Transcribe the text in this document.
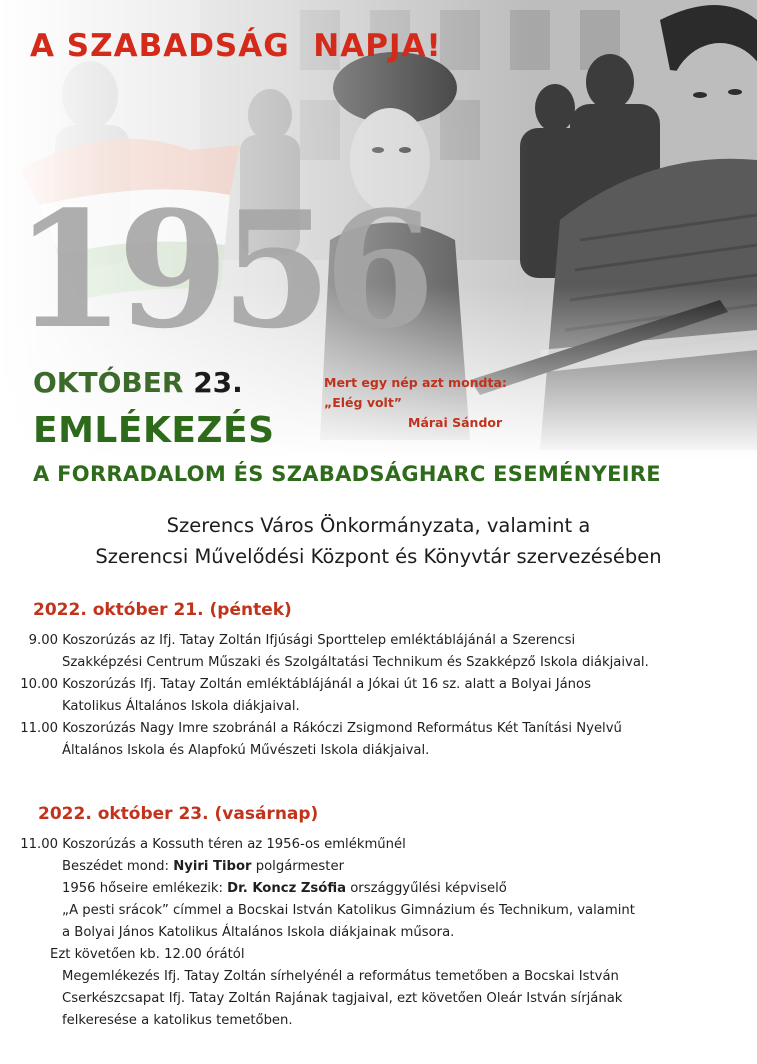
A SZABADSÁG  NAPJA!
1956
OKTÓBER 23.
EMLÉKEZÉS
A FORRADALOM ÉS SZABADSÁGHARC ESEMÉNYEIRE
Mert egy nép azt mondta:
„Elég volt”
Márai Sándor
Szerencs Város Önkormányzata, valamint a
Szerencsi Művelődési Központ és Könyvtár szervezésében
2022. október 21. (péntek)
9.00 Koszorúzás az Ifj. Tatay Zoltán Ifjúsági Sporttelep emléktáblájánál a Szerencsi
Szakképzési Centrum Műszaki és Szolgáltatási Technikum és Szakképző Iskola diákjaival.
10.00 Koszorúzás Ifj. Tatay Zoltán emléktáblájánál a Jókai út 16 sz. alatt a Bolyai János
Katolikus Általános Iskola diákjaival.
11.00 Koszorúzás Nagy Imre szobránál a Rákóczi Zsigmond Református Két Tanítási Nyelvű
Általános Iskola és Alapfokú Művészeti Iskola diákjaival.
2022. október 23. (vasárnap)
11.00 Koszorúzás a Kossuth téren az 1956-os emlékműnél
Beszédet mond: Nyiri Tibor polgármester
1956 hőseire emlékezik: Dr. Koncz Zsófia országgyűlési képviselő
„A pesti srácok” címmel a Bocskai István Katolikus Gimnázium és Technikum, valamint
a Bolyai János Katolikus Általános Iskola diákjainak műsora.
Ezt követően kb. 12.00 órától
Megemlékezés Ifj. Tatay Zoltán sírhelyénél a református temetőben a Bocskai István
Cserkészcsapat Ifj. Tatay Zoltán Rajának tagjaival, ezt követően Oleár István sírjának
felkeresése a katolikus temetőben.
